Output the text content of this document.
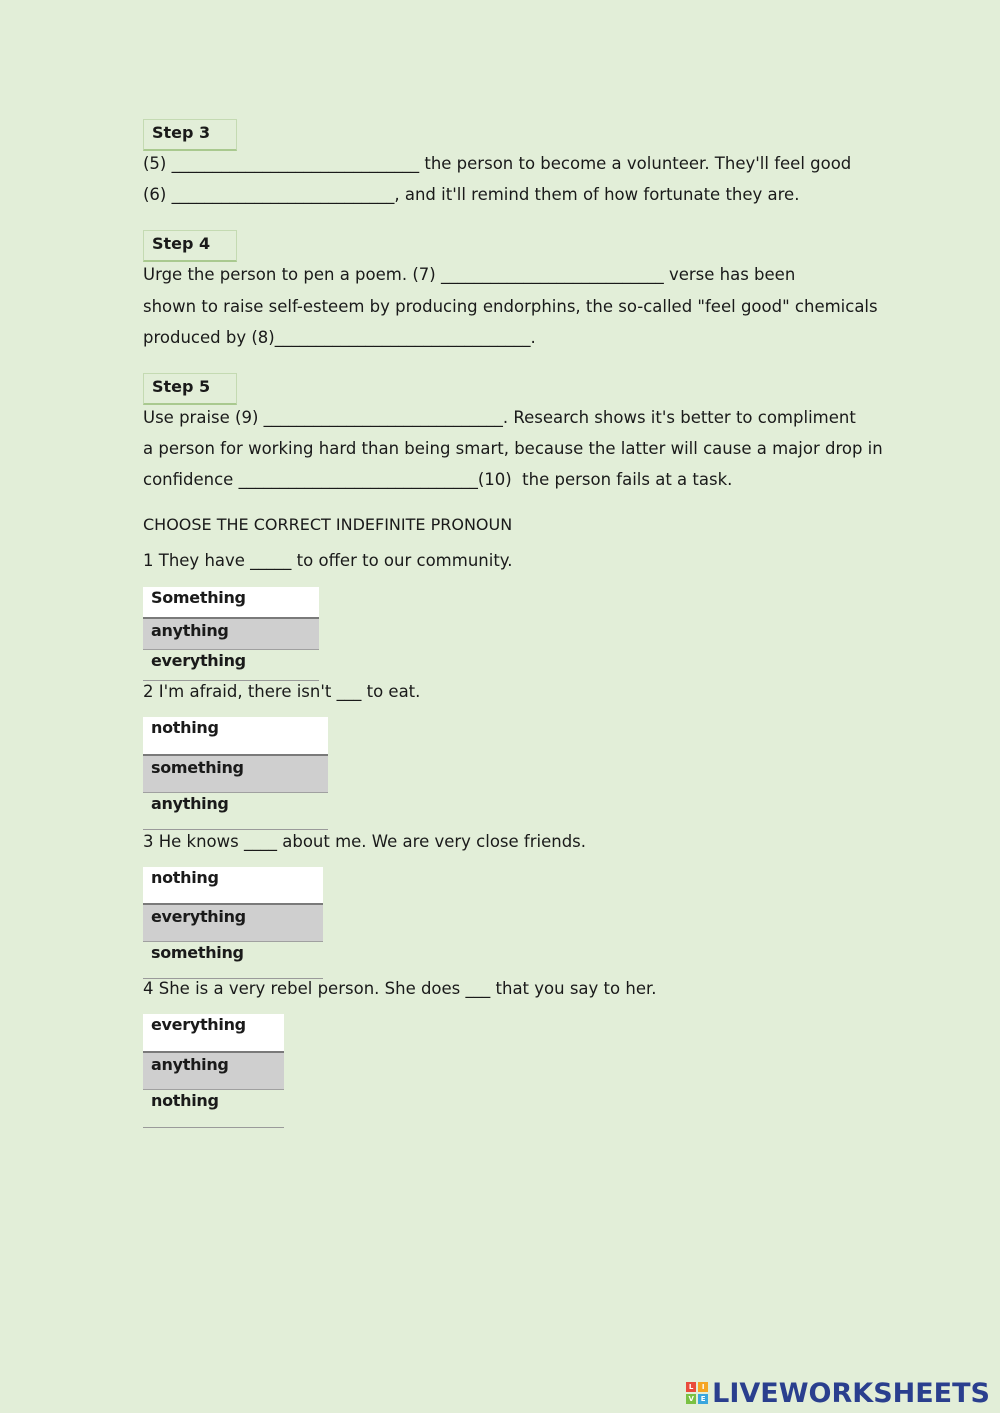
Step 3
(5) ______________________________ the person to become a volunteer. They'll feel good
(6) ___________________________, and it'll remind them of how fortunate they are.
Step 4
Urge the person to pen a poem. (7) ___________________________ verse has been
shown to raise self-esteem by producing endorphins, the so-called "feel good" chemicals
produced by (8)_______________________________.
Step 5
Use praise (9) _____________________________. Research shows it's better to compliment
a person for working hard than being smart, because the latter will cause a major drop in
confidence _____________________________(10)  the person fails at a task.
CHOOSE THE CORRECT INDEFINITE PRONOUN
1 They have _____ to offer to our community.
Something
anything
everything
2 I'm afraid, there isn't ___ to eat.
nothing
something
anything
3 He knows ____ about me. We are very close friends.
nothing
everything
something
4 She is a very rebel person. She does ___ that you say to her.
everything
anything
nothing
L	I
V E LIVEWORKSHEETS
